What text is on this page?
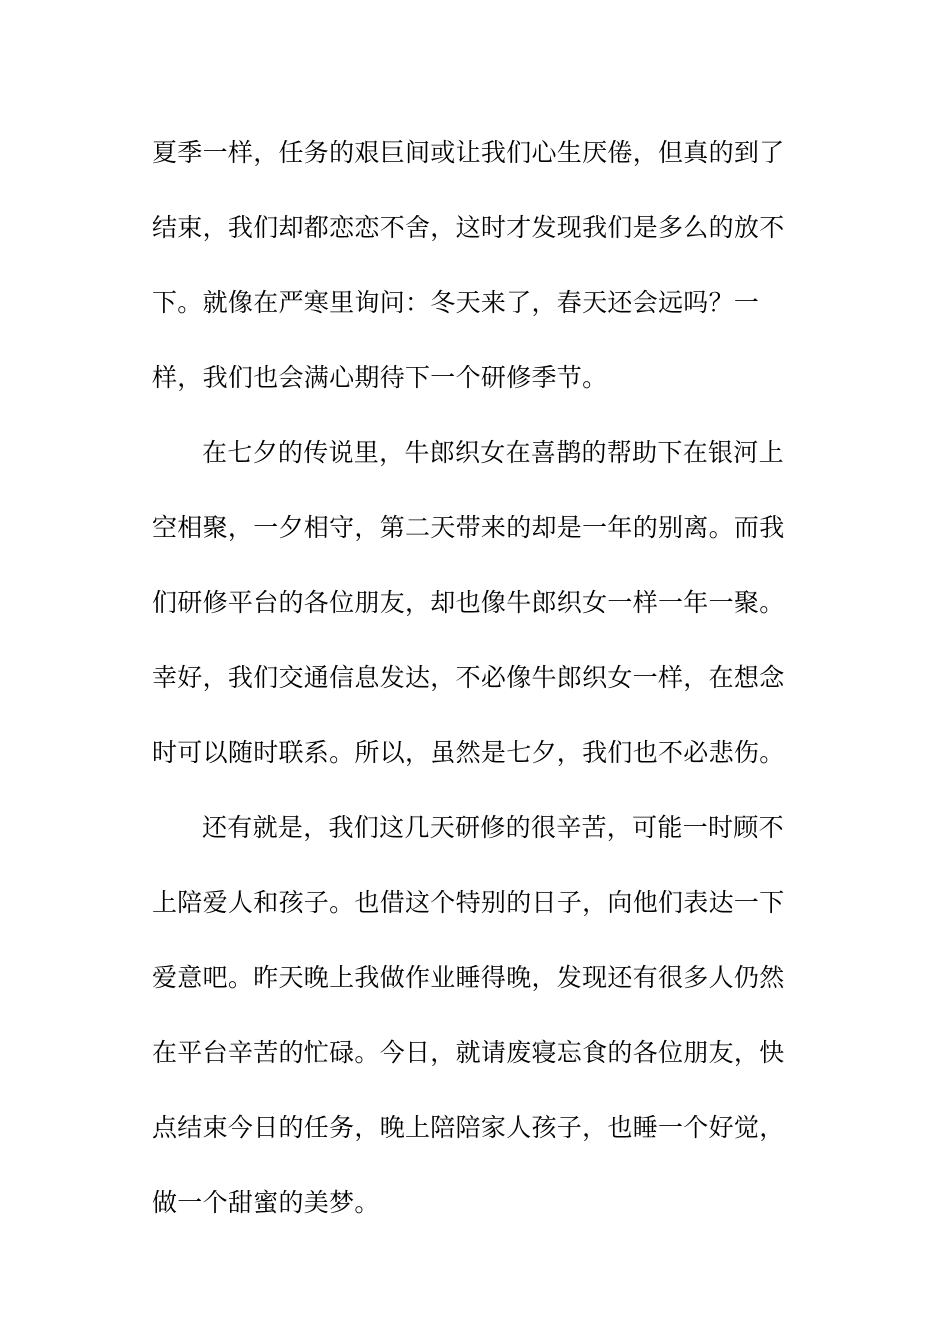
夏季一样，任务的艰巨间或让我们心生厌倦，但真的到了
结束，我们却都恋恋不舍，这时才发现我们是多么的放不
下。就像在严寒里询问：冬天来了，春天还会远吗？一
样，我们也会满心期待下一个研修季节。
在七夕的传说里，牛郎织女在喜鹊的帮助下在银河上
空相聚，一夕相守，第二天带来的却是一年的别离。而我
们研修平台的各位朋友，却也像牛郎织女一样一年一聚。
幸好，我们交通信息发达，不必像牛郎织女一样，在想念
时可以随时联系。所以，虽然是七夕，我们也不必悲伤。
还有就是，我们这几天研修的很辛苦，可能一时顾不
上陪爱人和孩子。也借这个特别的日子，向他们表达一下
爱意吧。昨天晚上我做作业睡得晚，发现还有很多人仍然
在平台辛苦的忙碌。今日，就请废寝忘食的各位朋友，快
点结束今日的任务，晚上陪陪家人孩子，也睡一个好觉，
做一个甜蜜的美梦。
